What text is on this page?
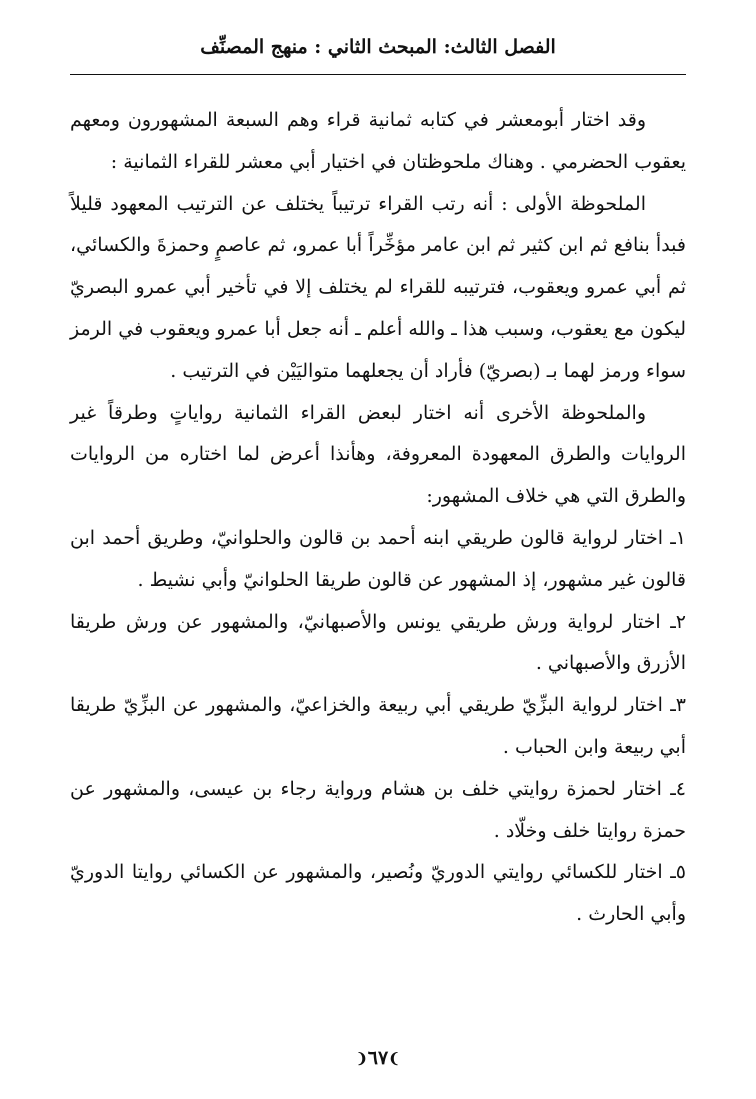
الفصل الثالث: المبحث الثاني : منهج المصنِّف

وقد اختار أبومعشر في كتابه ثمانية قراء وهم السبعة المشهورون ومعهم يعقوب الحضرمي . وهناك ملحوظتان في اختيار أبي معشر للقراء الثمانية :

الملحوظة الأولى : أنه رتب القراء ترتيباً يختلف عن الترتيب المعهود قليلاً فبدأ بنافع ثم ابن كثير ثم ابن عامر مؤخِّراً أبا عمرو، ثم عاصمٍ وحمزةَ والكسائي، ثم أبي عمرو ويعقوب، فترتيبه للقراء لم يختلف إلا في تأخير أبي عمرو البصريّ ليكون مع يعقوب، وسبب هذا ـ والله أعلم ـ أنه جعل أبا عمرو ويعقوب في الرمز سواء ورمز لهما بـ (بصريّ) فأراد أن يجعلهما متواليَيْن في الترتيب .

والملحوظة الأخرى أنه اختار لبعض القراء الثمانية رواياتٍ وطرقاً غير الروايات والطرق المعهودة المعروفة، وهأنذا أعرض لما اختاره من الروايات والطرق التي هي خلاف المشهور:

١ـ اختار لرواية قالون طريقي ابنه أحمد بن قالون والحلوانيّ، وطريق أحمد ابن قالون غير مشهور، إذ المشهور عن قالون طريقا الحلوانيّ وأبي نشيط .

٢ـ اختار لرواية ورش طريقي يونس والأصبهانيّ، والمشهور عن ورش طريقا الأزرق والأصبهاني .

٣ـ اختار لرواية البزِّيّ طريقي أبي ربيعة والخزاعيّ، والمشهور عن البزِّيّ طريقا أبي ربيعة وابن الحباب .

٤ـ اختار لحمزة روايتي خلف بن هشام ورواية رجاء بن عيسى، والمشهور عن حمزة روايتا خلف وخلّاد .

٥ـ اختار للكسائي روايتي الدوريّ ونُصير، والمشهور عن الكسائي روايتا الدوريّ وأبي الحارث .

❩٦٧❨
